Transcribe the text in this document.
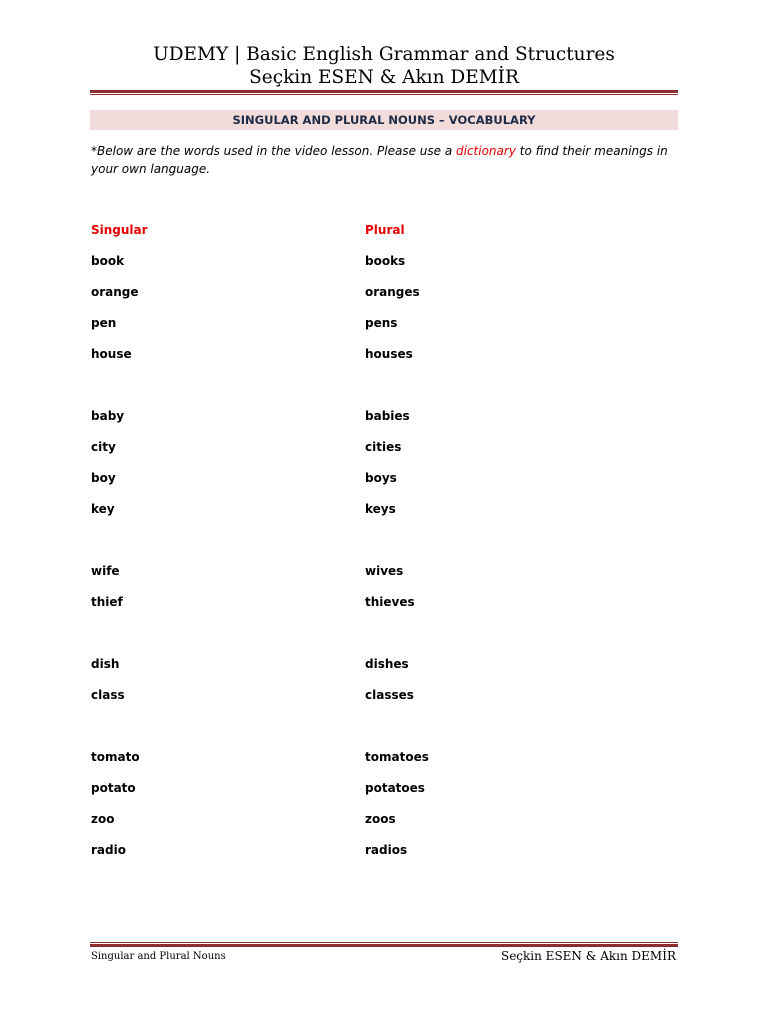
UDEMY | Basic English Grammar and Structures
Seçkin ESEN & Akın DEMİR
SINGULAR AND PLURAL NOUNS – VOCABULARY
*Below are the words used in the video lesson. Please use a dictionary to find their meanings in your own language.
Singular	Plural
book	books
orange	oranges
pen	pens
house	houses
baby	babies
city	cities
boy	boys
key	keys
wife	wives
thief	thieves
dish	dishes
class	classes
tomato	tomatoes
potato	potatoes
zoo	zoos
radio	radios
Singular and Plural Nouns	Seçkin ESEN & Akın DEMİR
